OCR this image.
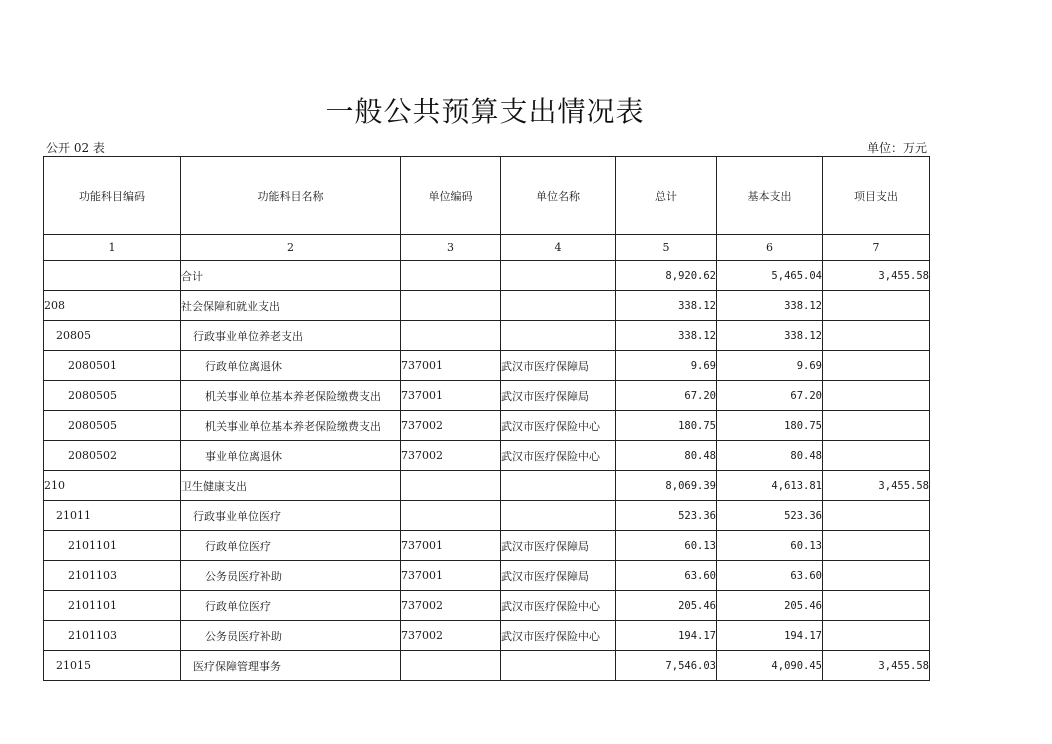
一般公共预算支出情况表
公开 02 表	单位：万元
功能科目编码	功能科目名称	单位编码	单位名称	总计	基本支出	项目支出
1	2	3	4	5	6	7
	合计			8,920.62	5,465.04	3,455.58
208	社会保障和就业支出			338.12	338.12	
20805	行政事业单位养老支出			338.12	338.12	
2080501	行政单位离退休	737001	武汉市医疗保障局	9.69	9.69	
2080505	机关事业单位基本养老保险缴费支出	737001	武汉市医疗保障局	67.20	67.20	
2080505	机关事业单位基本养老保险缴费支出	737002	武汉市医疗保险中心	180.75	180.75	
2080502	事业单位离退休	737002	武汉市医疗保险中心	80.48	80.48	
210	卫生健康支出			8,069.39	4,613.81	3,455.58
21011	行政事业单位医疗			523.36	523.36	
2101101	行政单位医疗	737001	武汉市医疗保障局	60.13	60.13	
2101103	公务员医疗补助	737001	武汉市医疗保障局	63.60	63.60	
2101101	行政单位医疗	737002	武汉市医疗保险中心	205.46	205.46	
2101103	公务员医疗补助	737002	武汉市医疗保险中心	194.17	194.17	
21015	医疗保障管理事务			7,546.03	4,090.45	3,455.58
